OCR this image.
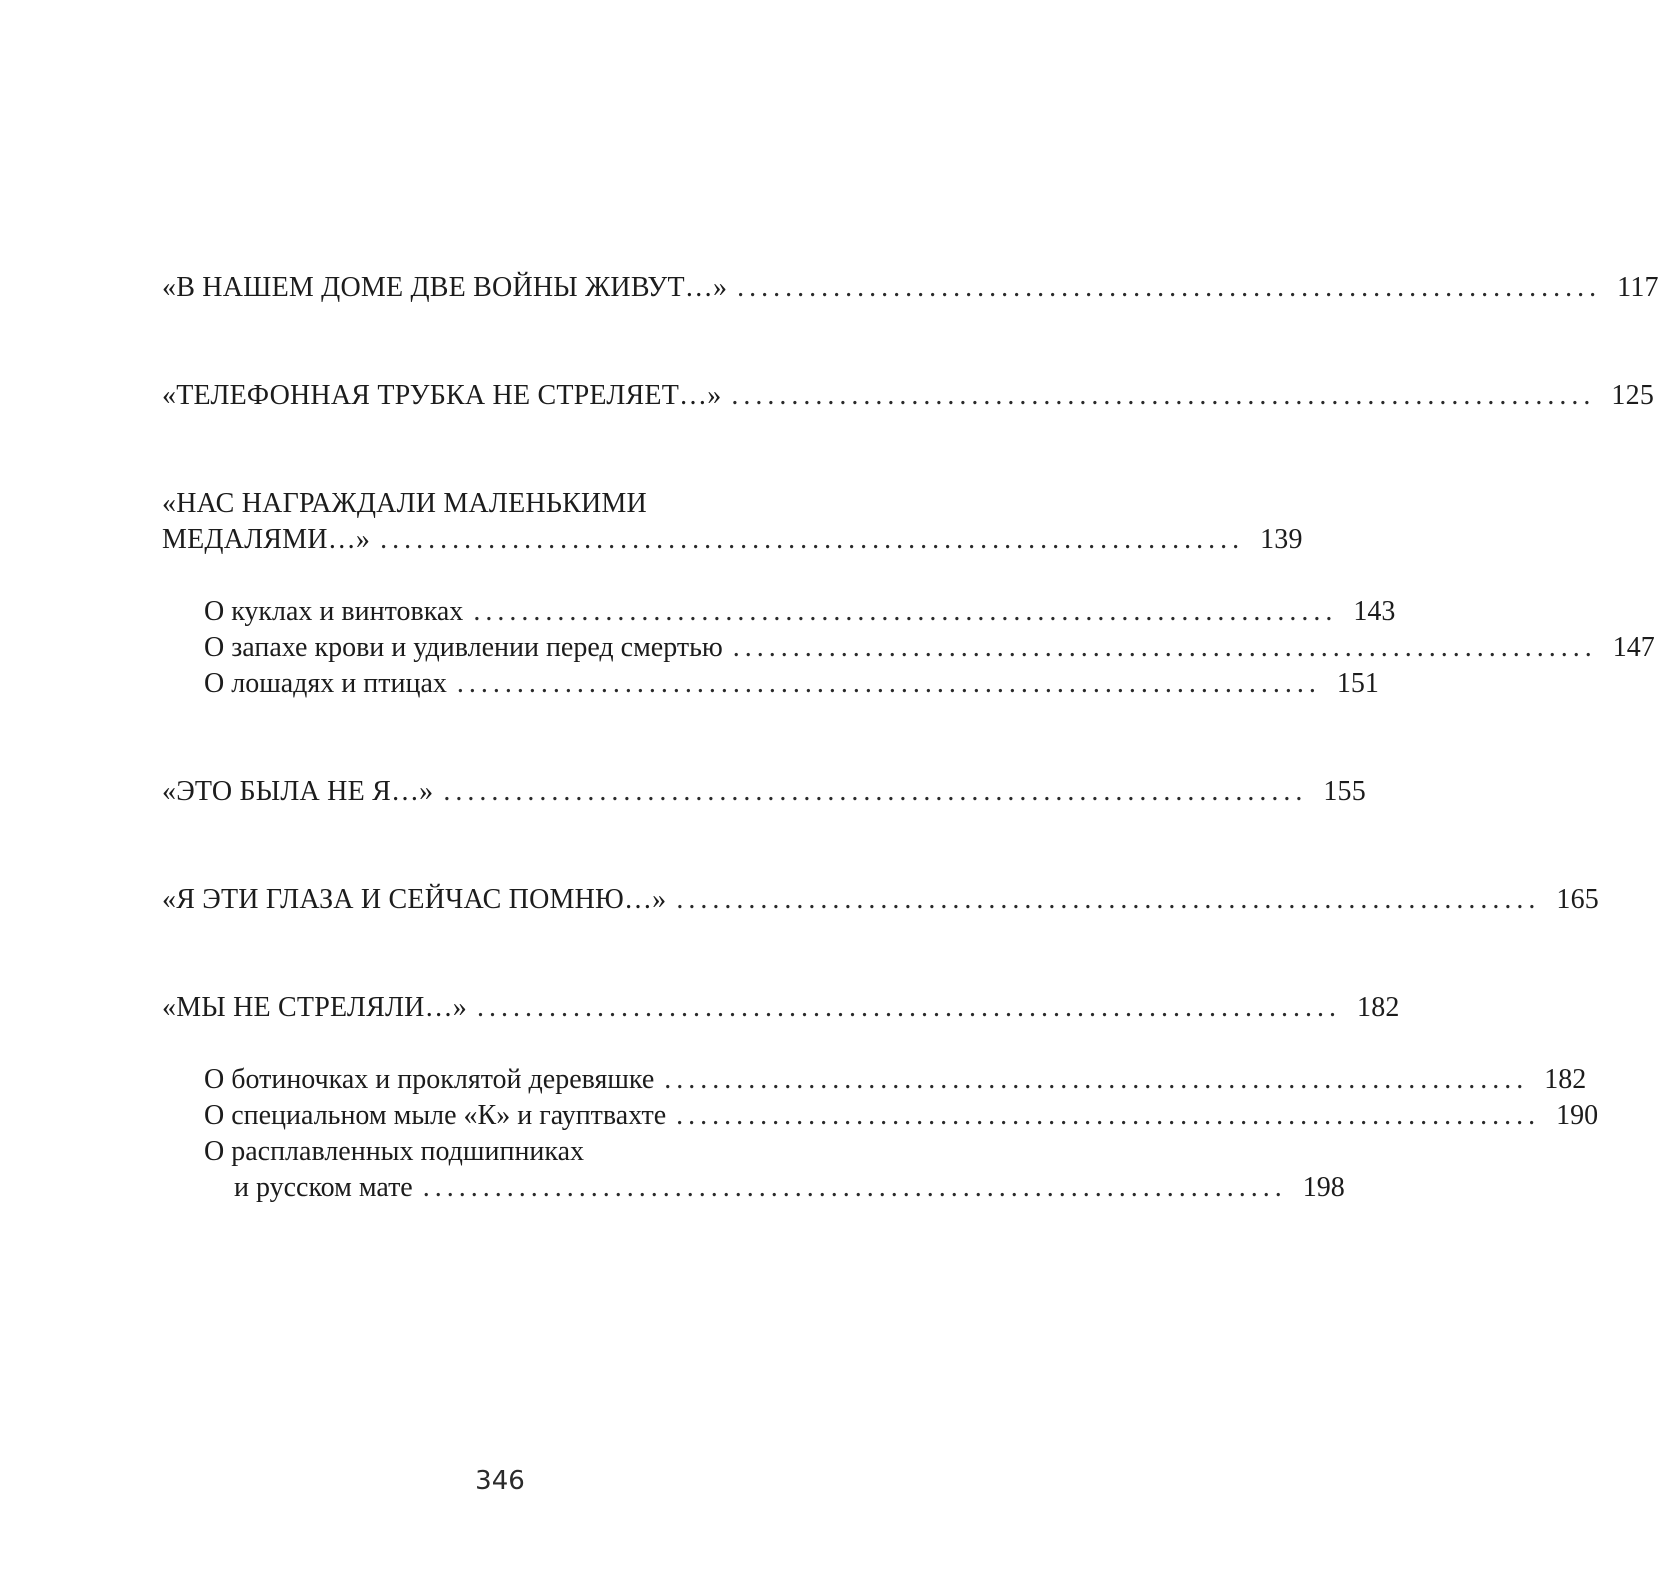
«В НАШЕМ ДОМЕ ДВЕ ВОЙНЫ ЖИВУТ…» ........................................................................ 117
«ТЕЛЕФОННАЯ ТРУБКА НЕ СТРЕЛЯЕТ…» ........................................................................ 125
«НАС НАГРАЖДАЛИ МАЛЕНЬКИМИ
МЕДАЛЯМИ…» ........................................................................ 139
О куклах и винтовках ........................................................................ 143
О запахе крови и удивлении перед смертью ........................................................................ 147
О лошадях и птицах ........................................................................ 151
«ЭТО БЫЛА НЕ Я…» ........................................................................ 155
«Я ЭТИ ГЛАЗА И СЕЙЧАС ПОМНЮ…» ........................................................................ 165
«МЫ НЕ СТРЕЛЯЛИ…» ........................................................................ 182
О ботиночках и проклятой деревяшке ........................................................................ 182
О специальном мыле «К» и гауптвахте ........................................................................ 190
О расплавленных подшипниках
и русском мате ........................................................................ 198
346
